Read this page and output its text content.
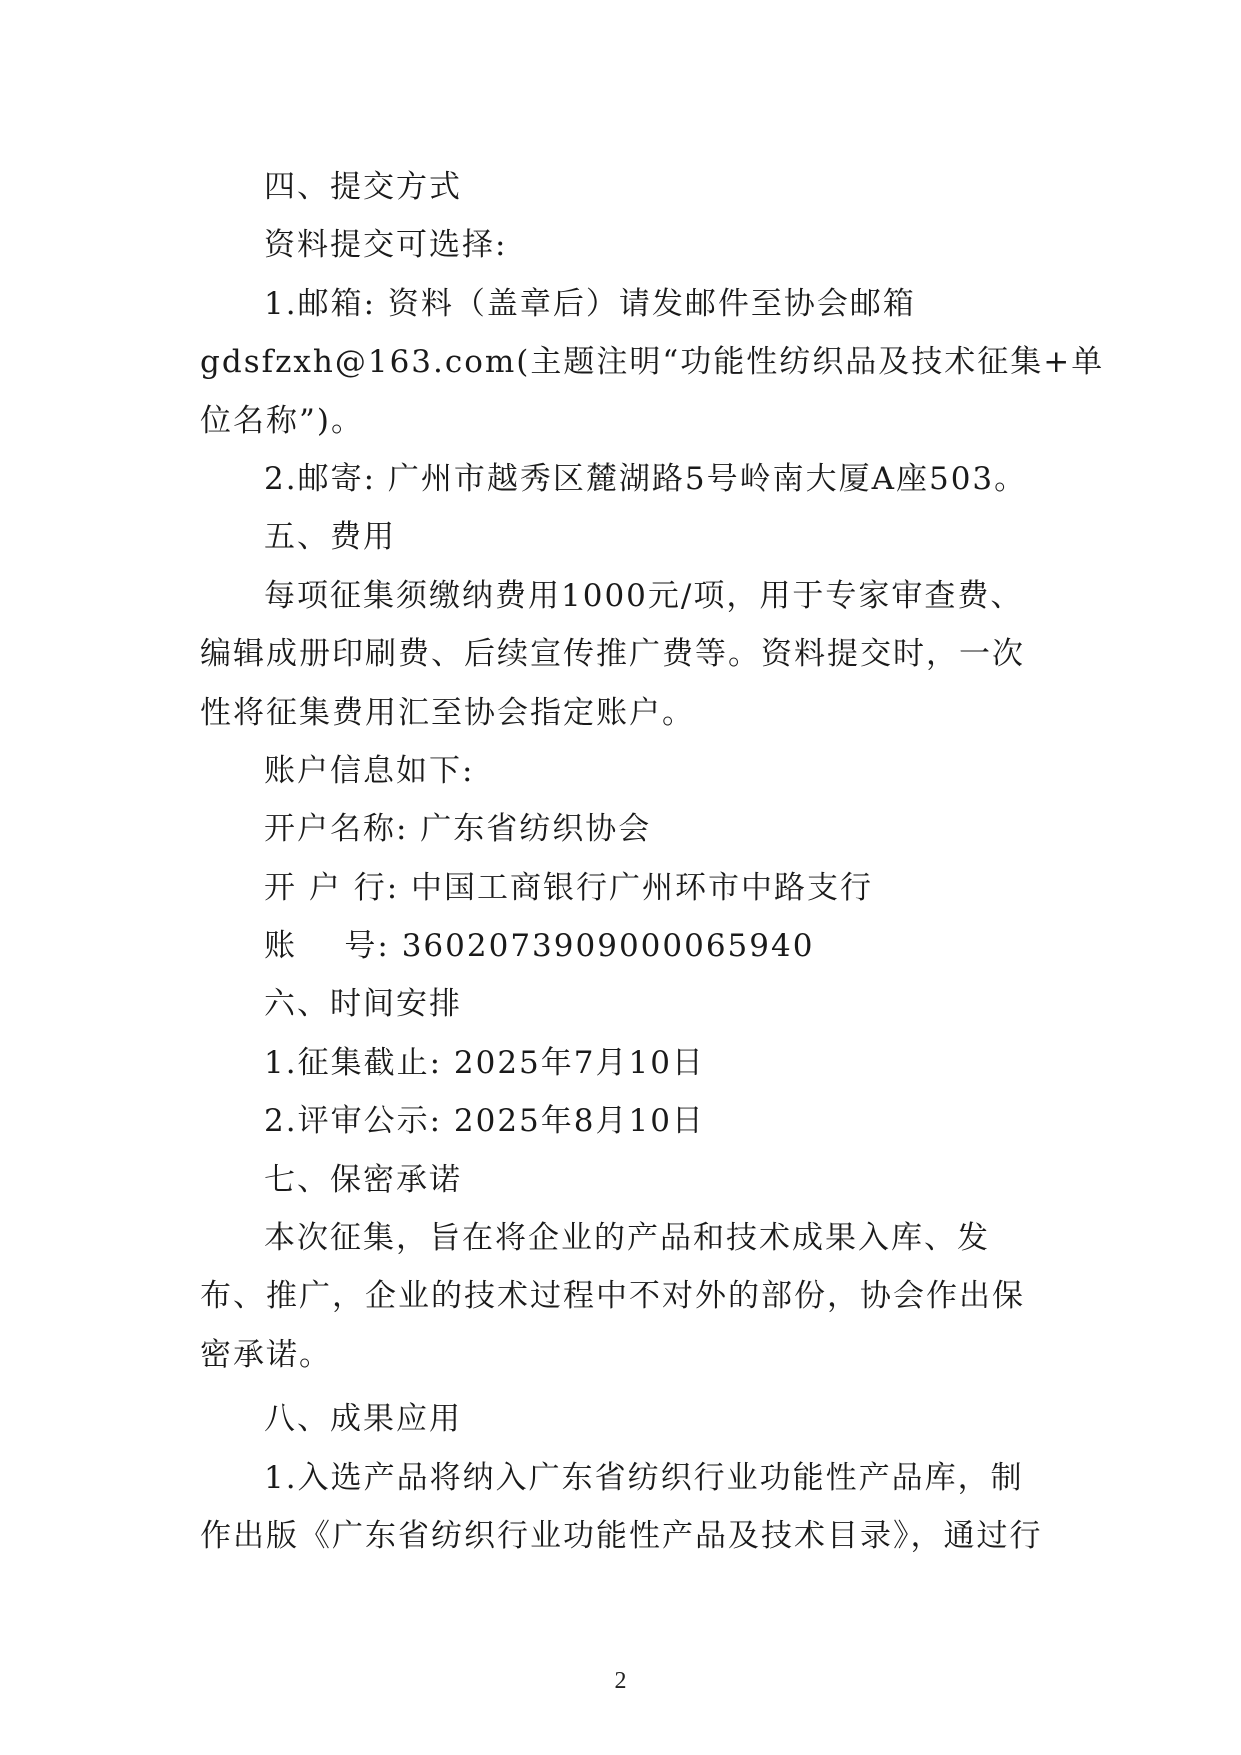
四、提交方式
资料提交可选择:
1.邮箱: 资料（盖章后）请发邮件至协会邮箱
gdsfzxh@163.com(主题注明“功能性纺织品及技术征集+单
位名称”)。
2.邮寄: 广州市越秀区麓湖路5号岭南大厦A座503。
五、费用
每项征集须缴纳费用1000元/项，用于专家审查费、
编辑成册印刷费、后续宣传推广费等。资料提交时，一次
性将征集费用汇至协会指定账户。
账户信息如下:
开户名称: 广东省纺织协会
开 户 行: 中国工商银行广州环市中路支行
账    号: 3602073909000065940
六、时间安排
1.征集截止: 2025年7月10日
2.评审公示: 2025年8月10日
七、保密承诺
本次征集，旨在将企业的产品和技术成果入库、发
布、推广，企业的技术过程中不对外的部份，协会作出保
密承诺。
八、成果应用
1.入选产品将纳入广东省纺织行业功能性产品库，制
作出版《广东省纺织行业功能性产品及技术目录》，通过行
2
